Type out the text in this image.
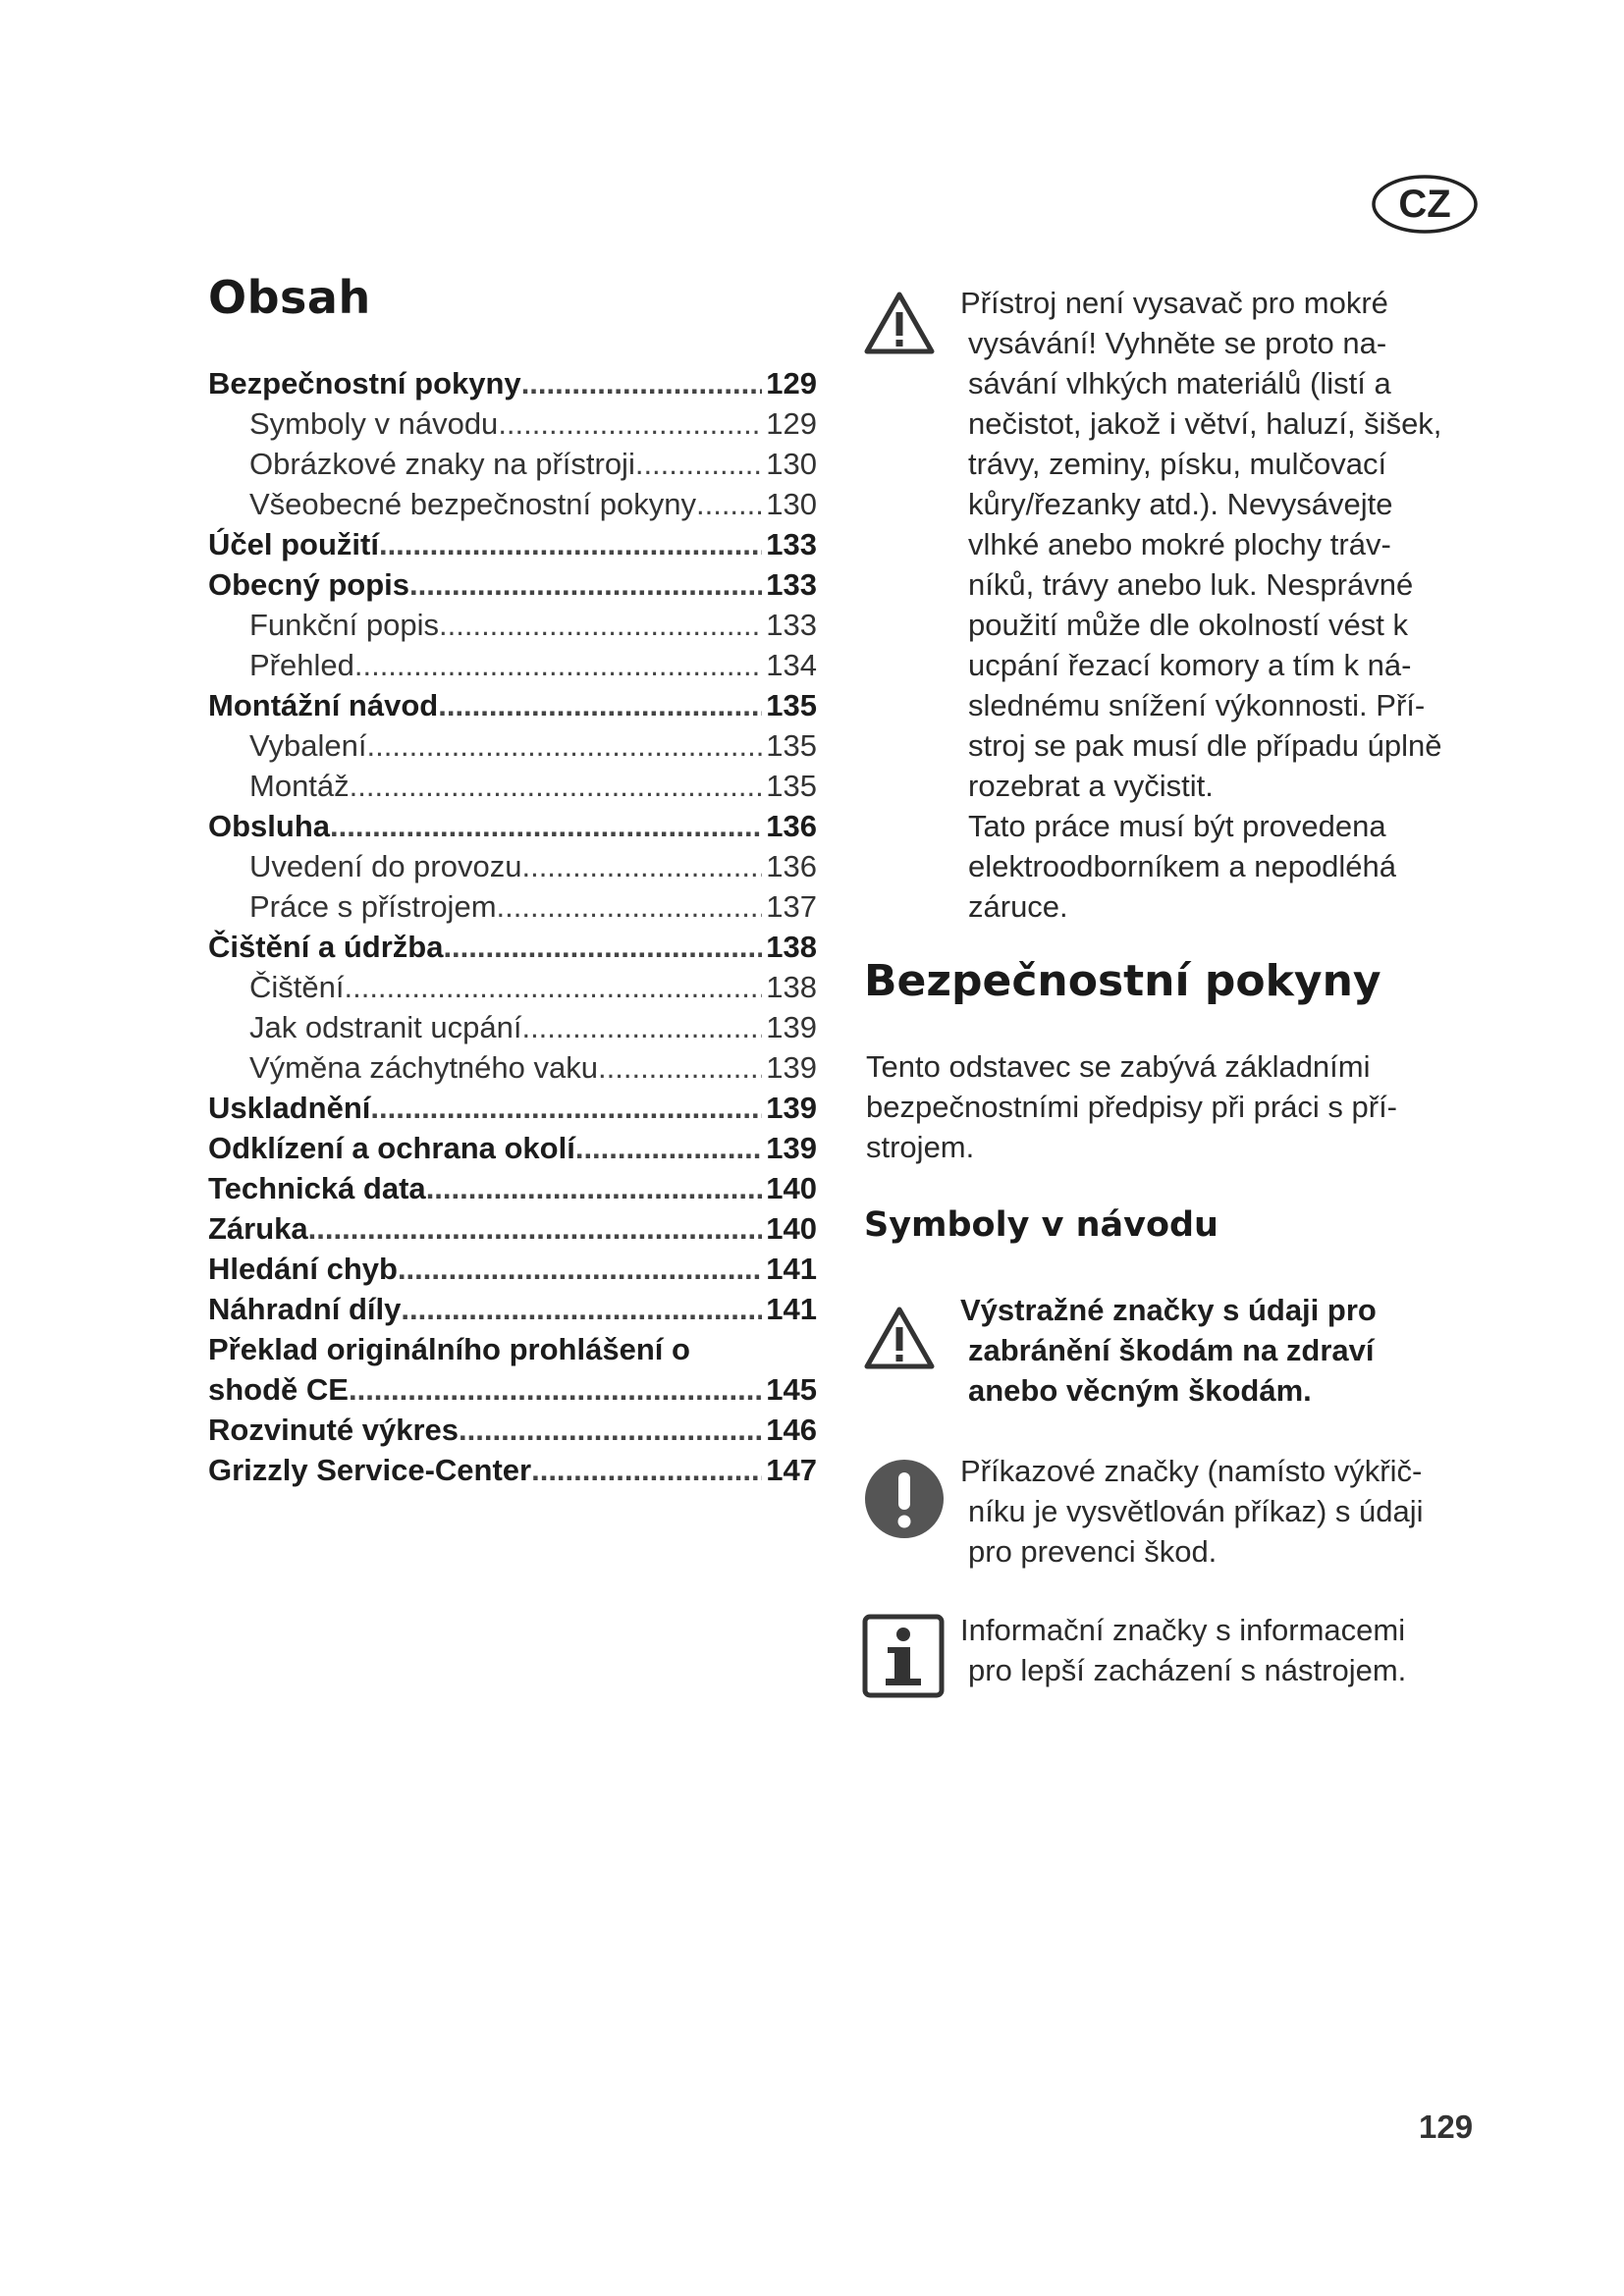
CZ
Obsah
Bezpečnostní pokyny .....	129
Symboly v návodu .....	129
Obrázkové znaky na přístroji .....	130
Všeobecné bezpečnostní pokyny ..... 130
Účel použití .....	133
Obecný popis .....	133
Funkční popis .....	133
Přehled .....	134
Montážní návod .....	135
Vybalení .....	135
Montáž .....	135
Obsluha .....	136
Uvedení do provozu .....	136
Práce s přístrojem .....	137
Čištění a údržba .....	138
Čištění .....	138
Jak odstranit ucpání .....	139
Výměna záchytného vaku .....	139
Uskladnění .....	139
Odklízení a ochrana okolí .....	139
Technická data .....	140
Záruka .....	140
Hledání chyb .....	141
Náhradní díly .....	141
Překlad originálního prohlášení o
shodě CE .....	145
Rozvinuté výkres .....	146
Grizzly Service-Center .....	147
Přístroj není vysavač pro mokré
vysávání! Vyhněte se proto na-
sávání vlhkých materiálů (listí a
nečistot, jakož i větví, haluzí, šišek,
trávy, zeminy, písku, mulčovací
kůry/řezanky atd.). Nevysávejte
vlhké anebo mokré plochy tráv-
níků, trávy anebo luk. Nesprávné
použití může dle okolností vést k
ucpání řezací komory a tím k ná-
slednému snížení výkonnosti. Pří-
stroj se pak musí dle případu úplně
rozebrat a vyčistit.
Tato práce musí být provedena
elektroodborníkem a nepodléhá
záruce.
Bezpečnostní pokyny
Tento odstavec se zabývá základními
bezpečnostními předpisy při práci s pří-
strojem.
Symboly v návodu
Výstražné značky s údaji pro
zabránění škodám na zdraví
anebo věcným škodám.
Příkazové značky (namísto výkřič-
níku je vysvětlován příkaz) s údaji
pro prevenci škod.
Informační značky s informacemi
pro lepší zacházení s nástrojem.
129
